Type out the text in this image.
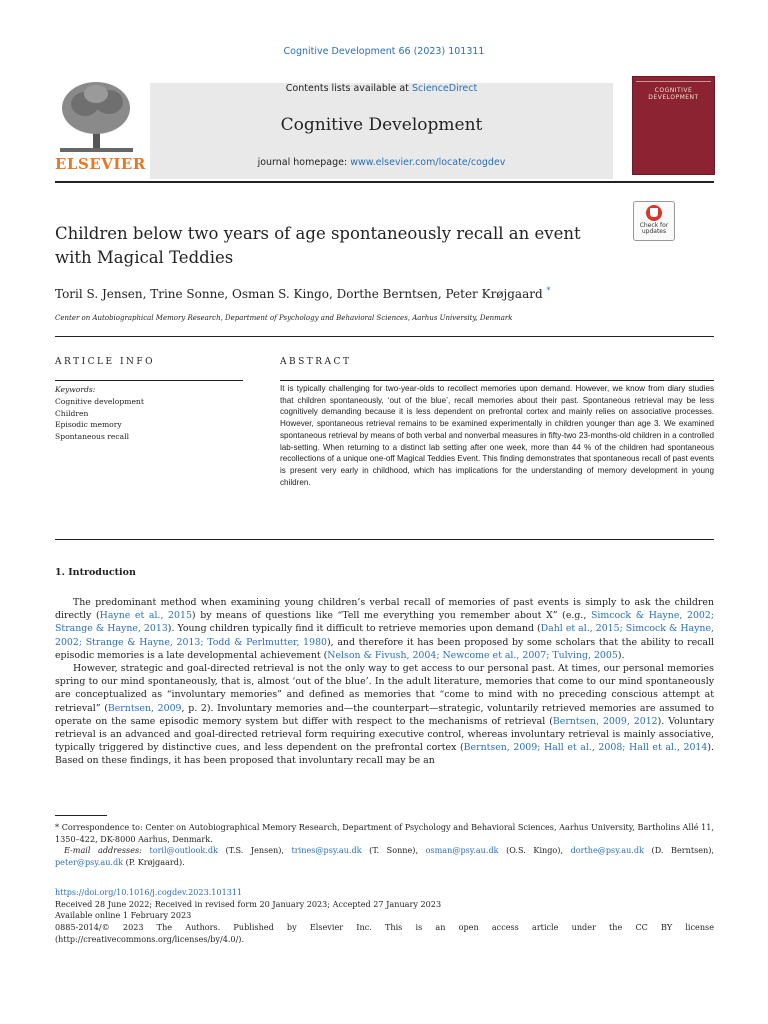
Cognitive Development 66 (2023) 101311
ELSEVIER
Contents lists available at ScienceDirect
Cognitive Development
journal homepage: www.elsevier.com/locate/cogdev
COGNITIVE DEVELOPMENT
Check for updates
Children below two years of age spontaneously recall an event with Magical Teddies
Toril S. Jensen, Trine Sonne, Osman S. Kingo, Dorthe Berntsen, Peter Krøjgaard *
Center on Autobiographical Memory Research, Department of Psychology and Behavioral Sciences, Aarhus University, Denmark
ARTICLE INFO	ABSTRACT
Keywords:
Cognitive development
Children
Episodic memory
Spontaneous recall
It is typically challenging for two-year-olds to recollect memories upon demand. However, we know from diary studies that children spontaneously, ‘out of the blue’, recall memories about their past. Spontaneous retrieval may be less cognitively demanding because it is less dependent on prefrontal cortex and mainly relies on associative processes. However, spontaneous retrieval remains to be examined experimentally in children younger than age 3. We examined spontaneous retrieval by means of both verbal and nonverbal measures in fifty-two 23-months-old children in a controlled lab-setting. When returning to a distinct lab setting after one week, more than 44 % of the children had spontaneous recollections of a unique one-off Magical Teddies Event. This finding demonstrates that spontaneous recall of past events is present very early in childhood, which has implications for the understanding of memory development in young children.
1. Introduction

The predominant method when examining young children’s verbal recall of memories of past events is simply to ask the children directly (Hayne et al., 2015) by means of questions like “Tell me everything you remember about X” (e.g., Simcock & Hayne, 2002; Strange & Hayne, 2013). Young children typically find it difficult to retrieve memories upon demand (Dahl et al., 2015; Simcock & Hayne, 2002; Strange & Hayne, 2013; Todd & Perlmutter, 1980), and therefore it has been proposed by some scholars that the ability to recall episodic memories is a late developmental achievement (Nelson & Fivush, 2004; Newcome et al., 2007; Tulving, 2005).

However, strategic and goal-directed retrieval is not the only way to get access to our personal past. At times, our personal memories spring to our mind spontaneously, that is, almost ‘out of the blue’. In the adult literature, memories that come to our mind spontaneously are conceptualized as “involuntary memories” and defined as memories that “come to mind with no preceding conscious attempt at retrieval” (Berntsen, 2009, p. 2). Involuntary memories and—the counterpart—strategic, voluntarily retrieved memories are assumed to operate on the same episodic memory system but differ with respect to the mechanisms of retrieval (Berntsen, 2009, 2012). Voluntary retrieval is an advanced and goal-directed retrieval form requiring executive control, whereas involuntary retrieval is mainly associative, typically triggered by distinctive cues, and less dependent on the prefrontal cortex (Berntsen, 2009; Hall et al., 2008; Hall et al., 2014). Based on these findings, it has been proposed that involuntary recall may be an

* Correspondence to: Center on Autobiographical Memory Research, Department of Psychology and Behavioral Sciences, Aarhus University, Bartholins Allé 11, 1350–422, DK-8000 Aarhus, Denmark.

E-mail addresses: toril@outlook.dk (T.S. Jensen), trines@psy.au.dk (T. Sonne), osman@psy.au.dk (O.S. Kingo), dorthe@psy.au.dk (D. Berntsen), peter@psy.au.dk (P. Krøjgaard).

https://doi.org/10.1016/j.cogdev.2023.101311

Received 28 June 2022; Received in revised form 20 January 2023; Accepted 27 January 2023

Available online 1 February 2023

0885-2014/© 2023 The Authors. Published by Elsevier Inc. This is an open access article under the CC BY license

(http://creativecommons.org/licenses/by/4.0/).
